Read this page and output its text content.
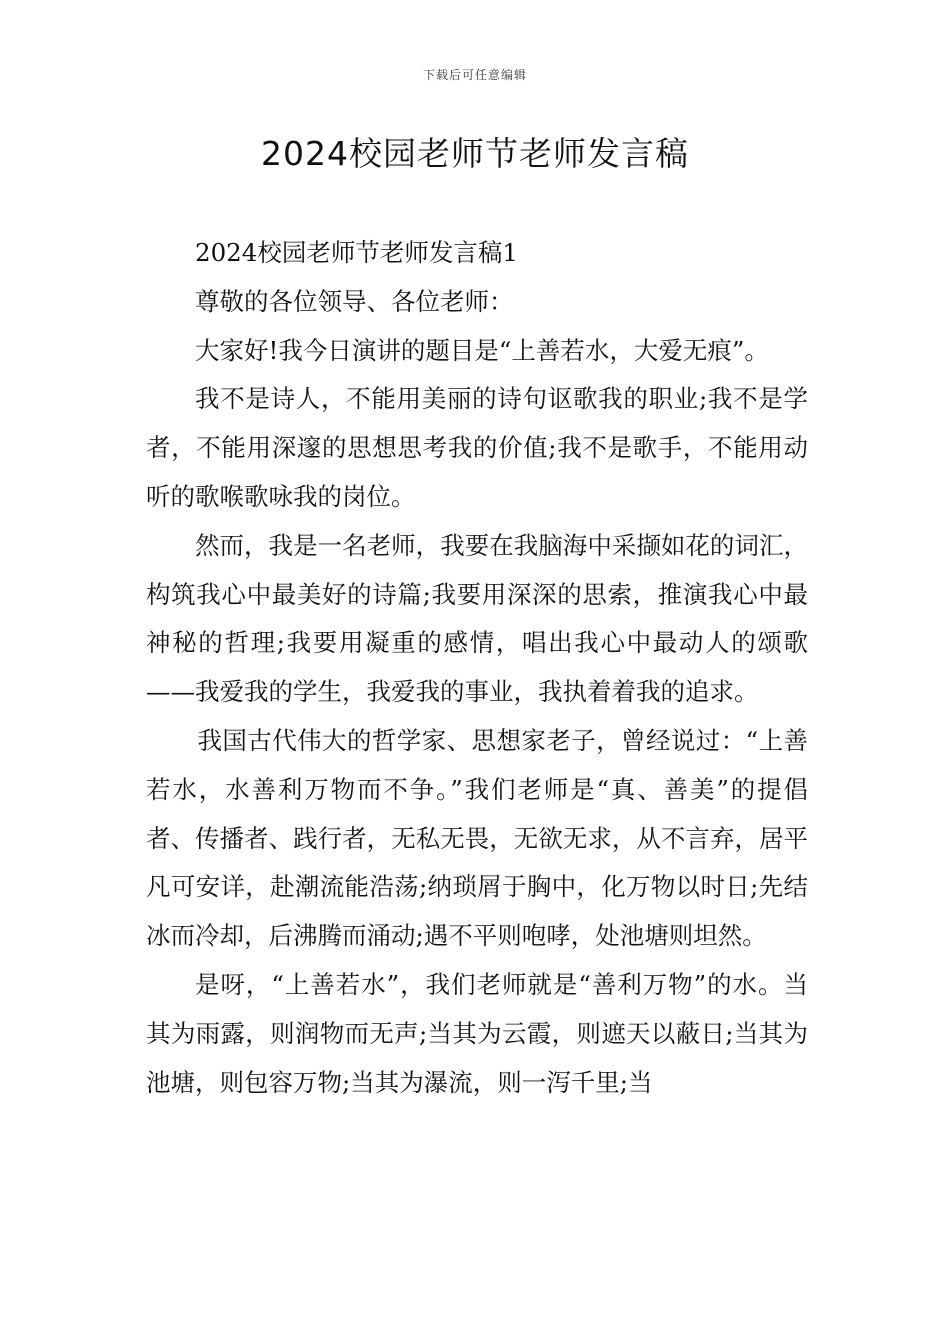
下载后可任意编辑
2024校园老师节老师发言稿

2024校园老师节老师发言稿1

尊敬的各位领导、各位老师：

大家好!我今日演讲的题目是“上善若水，大爱无痕”。

我不是诗人，不能用美丽的诗句讴歌我的职业;我不是学者，不能用深邃的思想思考我的价值;我不是歌手，不能用动听的歌喉歌咏我的岗位。

然而，我是一名老师，我要在我脑海中采撷如花的词汇，构筑我心中最美好的诗篇;我要用深深的思索，推演我心中最神秘的哲理;我要用凝重的感情，唱出我心中最动人的颂歌——我爱我的学生，我爱我的事业，我执着着我的追求。

我国古代伟大的哲学家、思想家老子，曾经说过：“上善若水，水善利万物而不争。”我们老师是“真、善美”的提倡者、传播者、践行者，无私无畏，无欲无求，从不言弃，居平凡可安详，赴潮流能浩荡;纳琐屑于胸中，化万物以时日;先结冰而冷却，后沸腾而涌动;遇不平则咆哮，处池塘则坦然。

是呀，“上善若水”，我们老师就是“善利万物”的水。当其为雨露，则润物而无声;当其为云霞，则遮天以蔽日;当其为池塘，则包容万物;当其为瀑流，则一泻千里;当
